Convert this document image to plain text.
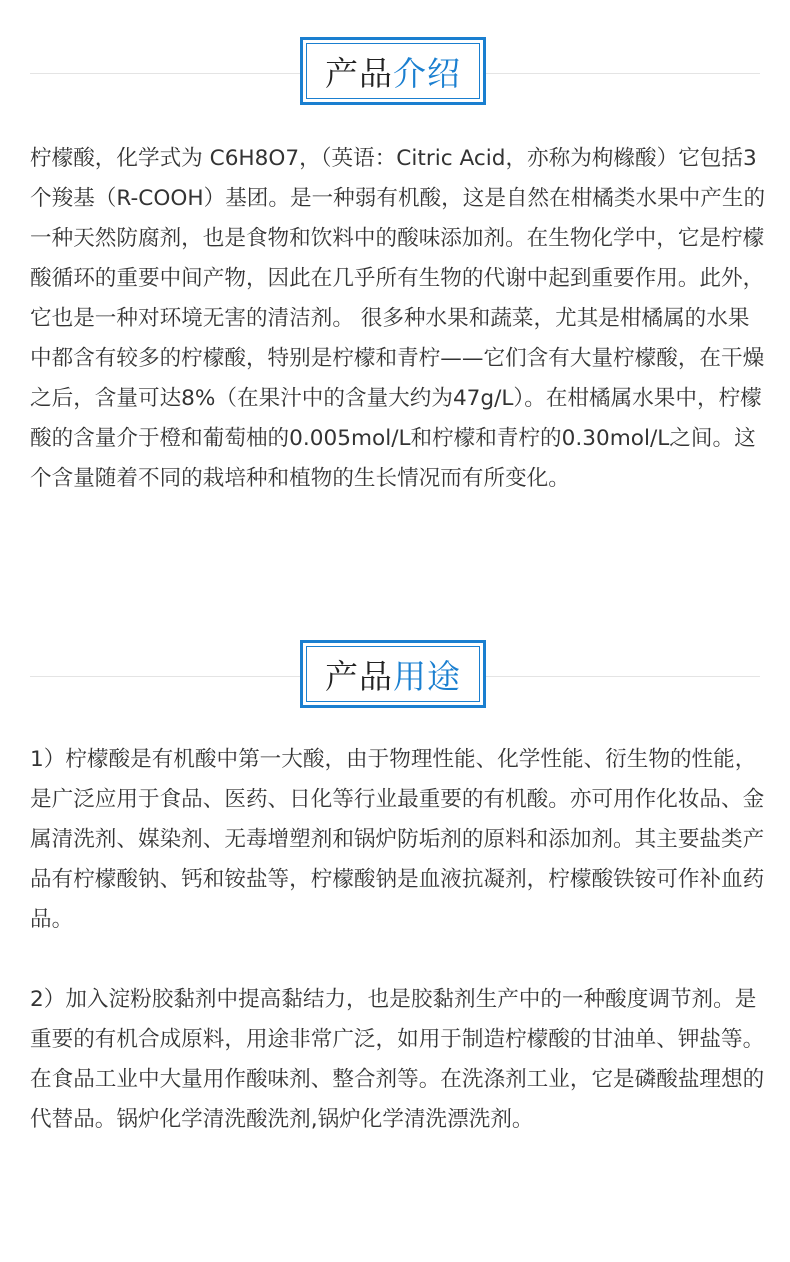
产品 介绍

柠檬酸，化学式为 C6H8O7，（英语：Citric Acid，亦称为枸橼酸）它包括3个羧基（R-COOH）基团。是一种弱有机酸，这是自然在柑橘类水果中产生的一种天然防腐剂，也是食物和饮料中的酸味添加剂。在生物化学中，它是柠檬酸循环的重要中间产物，因此在几乎所有生物的代谢中起到重要作用。此外，它也是一种对环境无害的清洁剂。 很多种水果和蔬菜，尤其是柑橘属的水果中都含有较多的柠檬酸，特别是柠檬和青柠——它们含有大量柠檬酸，在干燥之后，含量可达8%（在果汁中的含量大约为47g/L）。在柑橘属水果中，柠檬酸的含量介于橙和葡萄柚的0.005mol/L和柠檬和青柠的0.30mol/L之间。这个含量随着不同的栽培种和植物的生长情况而有所变化。

产品 用途

1）柠檬酸是有机酸中第一大酸，由于物理性能、化学性能、衍生物的性能，是广泛应用于食品、医药、日化等行业最重要的有机酸。亦可用作化妆品、金属清洗剂、媒染剂、无毒增塑剂和锅炉防垢剂的原料和添加剂。其主要盐类产品有柠檬酸钠、钙和铵盐等，柠檬酸钠是血液抗凝剂，柠檬酸铁铵可作补血药品。

2）加入淀粉胶黏剂中提高黏结力，也是胶黏剂生产中的一种酸度调节剂。是重要的有机合成原料，用途非常广泛，如用于制造柠檬酸的甘油单、钾盐等。在食品工业中大量用作酸味剂、整合剂等。在洗涤剂工业，它是磷酸盐理想的代替品。锅炉化学清洗酸洗剂,锅炉化学清洗漂洗剂。
